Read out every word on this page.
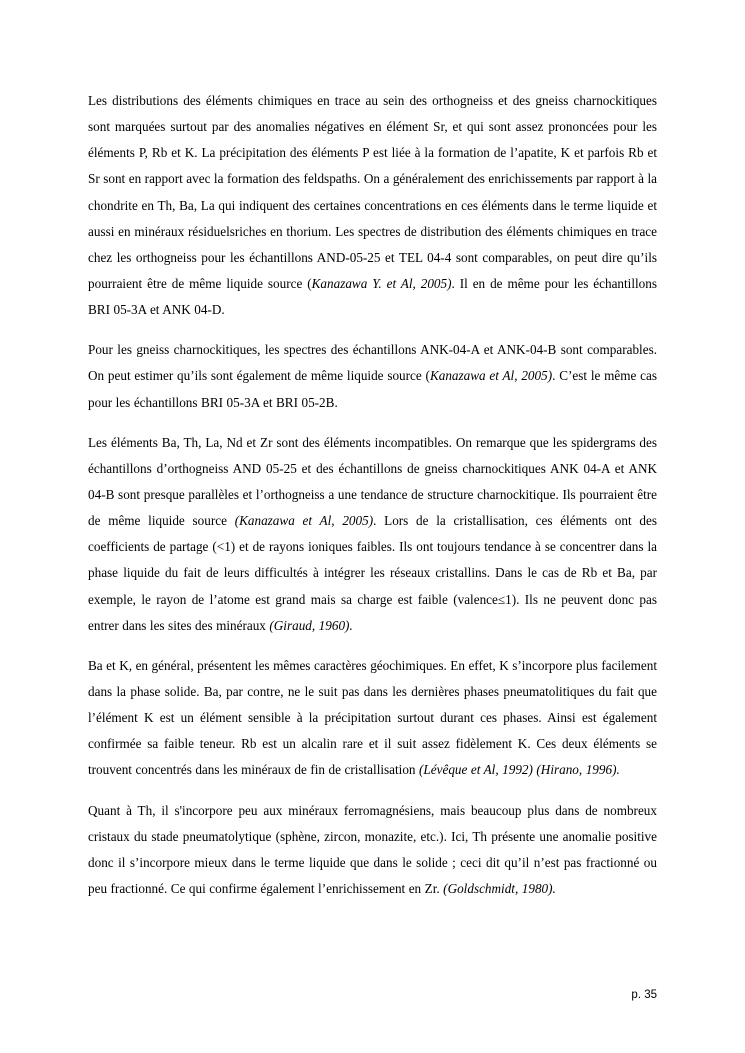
Les distributions des éléments chimiques en trace au sein des orthogneiss et des gneiss charnockitiques sont marquées surtout par des anomalies négatives en élément Sr, et qui sont assez prononcées pour les éléments P, Rb et K. La précipitation des éléments P est liée à la formation de l’apatite, K et parfois Rb et Sr sont en rapport avec la formation des feldspaths. On a généralement des enrichissements par rapport à la chondrite en Th, Ba, La qui indiquent des certaines concentrations en ces éléments dans le terme liquide et aussi en minéraux résiduelsriches en thorium. Les spectres de distribution des éléments chimiques en trace chez les orthogneiss pour les échantillons AND-05-25 et TEL 04-4 sont comparables, on peut dire qu’ils pourraient être de même liquide source (Kanazawa Y. et Al, 2005). Il en de même pour les échantillons BRI 05-3A et ANK 04-D.

Pour les gneiss charnockitiques, les spectres des échantillons ANK-04-A et ANK-04-B sont comparables. On peut estimer qu’ils sont également de même liquide source (Kanazawa et Al, 2005). C’est le même cas pour les échantillons BRI 05-3A et BRI 05-2B.

Les éléments Ba, Th, La, Nd et Zr sont des éléments incompatibles. On remarque que les spidergrams des échantillons d’orthogneiss AND 05-25 et des échantillons de gneiss charnockitiques ANK 04-A et ANK 04-B sont presque parallèles et l’orthogneiss a une tendance de structure charnockitique. Ils pourraient être de même liquide source (Kanazawa et Al, 2005). Lors de la cristallisation, ces éléments ont des coefficients de partage (<1) et de rayons ioniques faibles. Ils ont toujours tendance à se concentrer dans la phase liquide du fait de leurs difficultés à intégrer les réseaux cristallins. Dans le cas de Rb et Ba, par exemple, le rayon de l’atome est grand mais sa charge est faible (valence≤1). Ils ne peuvent donc pas entrer dans les sites des minéraux (Giraud, 1960).

Ba et K, en général, présentent les mêmes caractères géochimiques. En effet, K s’incorpore plus facilement dans la phase solide. Ba, par contre, ne le suit pas dans les dernières phases pneumatolitiques du fait que l’élément K est un élément sensible à la précipitation surtout durant ces phases. Ainsi est également confirmée sa faible teneur. Rb est un alcalin rare et il suit assez fidèlement K. Ces deux éléments se trouvent concentrés dans les minéraux de fin de cristallisation (Lévêque et Al, 1992) (Hirano, 1996).

Quant à Th, il s'incorpore peu aux minéraux ferromagnésiens, mais beaucoup plus dans de nombreux cristaux du stade pneumatolytique (sphène, zircon, monazite, etc.). Ici, Th présente une anomalie positive donc il s’incorpore mieux dans le terme liquide que dans le solide ; ceci dit qu’il n’est pas fractionné ou peu fractionné. Ce qui confirme également l’enrichissement en Zr. (Goldschmidt, 1980).

p. 35
